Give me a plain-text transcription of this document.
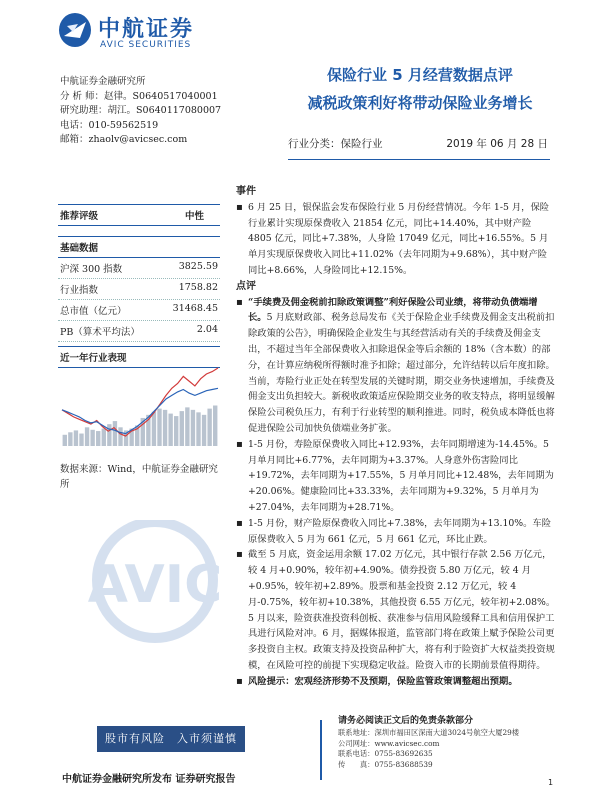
中航证券
AVIC SECURITIES
中航证券金融研究所
分 析 师：赵律。S0640517040001
研究助理：胡江。S0640117080007
电话：010-59562519
邮箱：zhaolv@avicsec.com
保险行业 5 月经营数据点评
减税政策利好将带动保险业务增长
行业分类：保险行业	2019 年 06 月 28 日
推荐评级	中性
基础数据
沪深 300 指数	3825.59
行业指数	1758.82
总市值（亿元）	31468.45
PB（算术平均法）	2.04
近一年行业表现
数据来源：Wind，中航证券金融研究所
AVIC
事件
▪ 6 月 25 日，银保监会发布保险行业 5 月份经营情况。今年 1-5 月，保险行业累计实现原保费收入 21854 亿元，同比+14.40%，其中财产险 4805 亿元，同比+7.38%，人身险 17049 亿元，同比+16.55%。5 月单月实现原保费收入同比+11.02%（去年同期为+9.68%），其中财产险同比+8.66%，人身险同比+12.15%。
点评
▪ “手续费及佣金税前扣除政策调整”利好保险公司业绩，将带动负债端增长。5 月底财政部、税务总局发布《关于保险企业手续费及佣金支出税前扣除政策的公告》，明确保险企业发生与其经营活动有关的手续费及佣金支出，不超过当年全部保费收入扣除退保金等后余额的 18%（含本数）的部分，在计算应纳税所得额时准予扣除；超过部分，允许结转以后年度扣除。当前，寿险行业正处在转型发展的关键时期，期交业务快速增加，手续费及佣金支出负担较大。新税收政策适应保险期交业务的收支特点，将明显缓解保险公司税负压力，有利于行业转型的顺利推进。同时，税负成本降低也将促进保险公司加快负债端业务扩张。
▪ 1-5 月份，寿险原保费收入同比+12.93%，去年同期增速为-14.45%。5 月单月同比+6.77%，去年同期为+3.37%。人身意外伤害险同比+19.72%，去年同期为+17.55%，5 月单月同比+12.48%，去年同期为+20.06%。健康险同比+33.33%，去年同期为+9.32%，5 月单月为+27.04%，去年同期为+28.71%。
▪ 1-5 月份，财产险原保费收入同比+7.38%，去年同期为+13.10%。车险原保费收入 5 月为 661 亿元，5 月 661 亿元，环比止跌。
▪ 截至 5 月底，资金运用余额 17.02 万亿元，其中银行存款 2.56 万亿元，较 4 月+0.90%，较年初+4.90%。债券投资 5.80 万亿元，较 4 月+0.95%，较年初+2.89%。股票和基金投资 2.12 万亿元，较 4 月-0.75%，较年初+10.38%，其他投资 6.55 万亿元，较年初+2.08%。5 月以来，险资获准投资科创板、获准参与信用风险缓释工具和信用保护工具进行风险对冲。6 月，据媒体报道，监管部门将在政策上赋予保险公司更多投资自主权。政策支持及投资品种扩大，将有利于险资扩大权益类投资规模，在风险可控的前提下实现稳定收益。险资入市的长期前景值得期待。
▪ 风险提示：宏观经济形势不及预期，保险监管政策调整超出预期。
股市有风险　入市须谨慎
请务必阅读正文后的免责条款部分
联系地址：深圳市福田区深南大道3024号航空大厦29楼
公司网址：www.avicsec.com
联系电话：0755-83692635
传　　真：0755-83688539
中航证券金融研究所发布 证券研究报告	1
